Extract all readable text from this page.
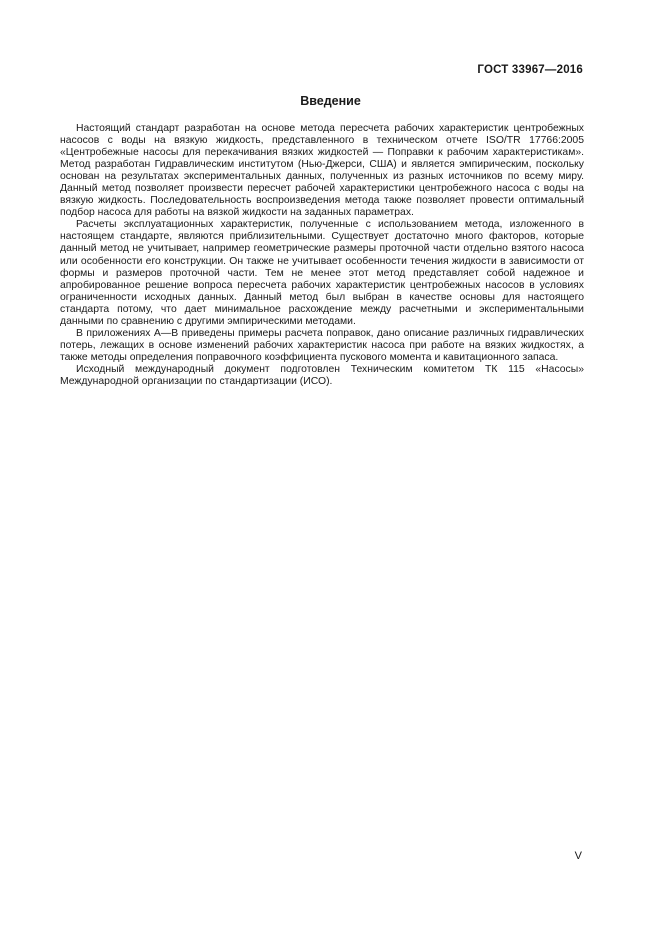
ГОСТ 33967—2016

Введение

Настоящий стандарт разработан на основе метода пересчета рабочих характеристик центробежных насосов с воды на вязкую жидкость, представленного в техническом отчете ISO/TR 17766:2005 «Центробежные насосы для перекачивания вязких жидкостей — Поправки к рабочим характеристикам». Метод разработан Гидравлическим институтом (Нью-Джерси, США) и является эмпирическим, поскольку основан на результатах экспериментальных данных, полученных из разных источников по всему миру. Данный метод позволяет произвести пересчет рабочей характеристики центробежного насоса с воды на вязкую жидкость. Последовательность воспроизведения метода также позволяет провести оптимальный подбор насоса для работы на вязкой жидкости на заданных параметрах.

Расчеты эксплуатационных характеристик, полученные с использованием метода, изложенного в настоящем стандарте, являются приблизительными. Существует достаточно много факторов, которые данный метод не учитывает, например геометрические размеры проточной части отдельно взятого насоса или особенности его конструкции. Он также не учитывает особенности течения жидкости в зависимости от формы и размеров проточной части. Тем не менее этот метод представляет собой надежное и апробированное решение вопроса пересчета рабочих характеристик центробежных насосов в условиях ограниченности исходных данных. Данный метод был выбран в качестве основы для настоящего стандарта потому, что дает минимальное расхождение между расчетными и экспериментальными данными по сравнению с другими эмпирическими методами.

В приложениях А—В приведены примеры расчета поправок, дано описание различных гидравлических потерь, лежащих в основе изменений рабочих характеристик насоса при работе на вязких жидкостях, а также методы определения поправочного коэффициента пускового момента и кавитационного запаса.

Исходный международный документ подготовлен Техническим комитетом ТК 115 «Насосы» Международной организации по стандартизации (ИСО).

V
